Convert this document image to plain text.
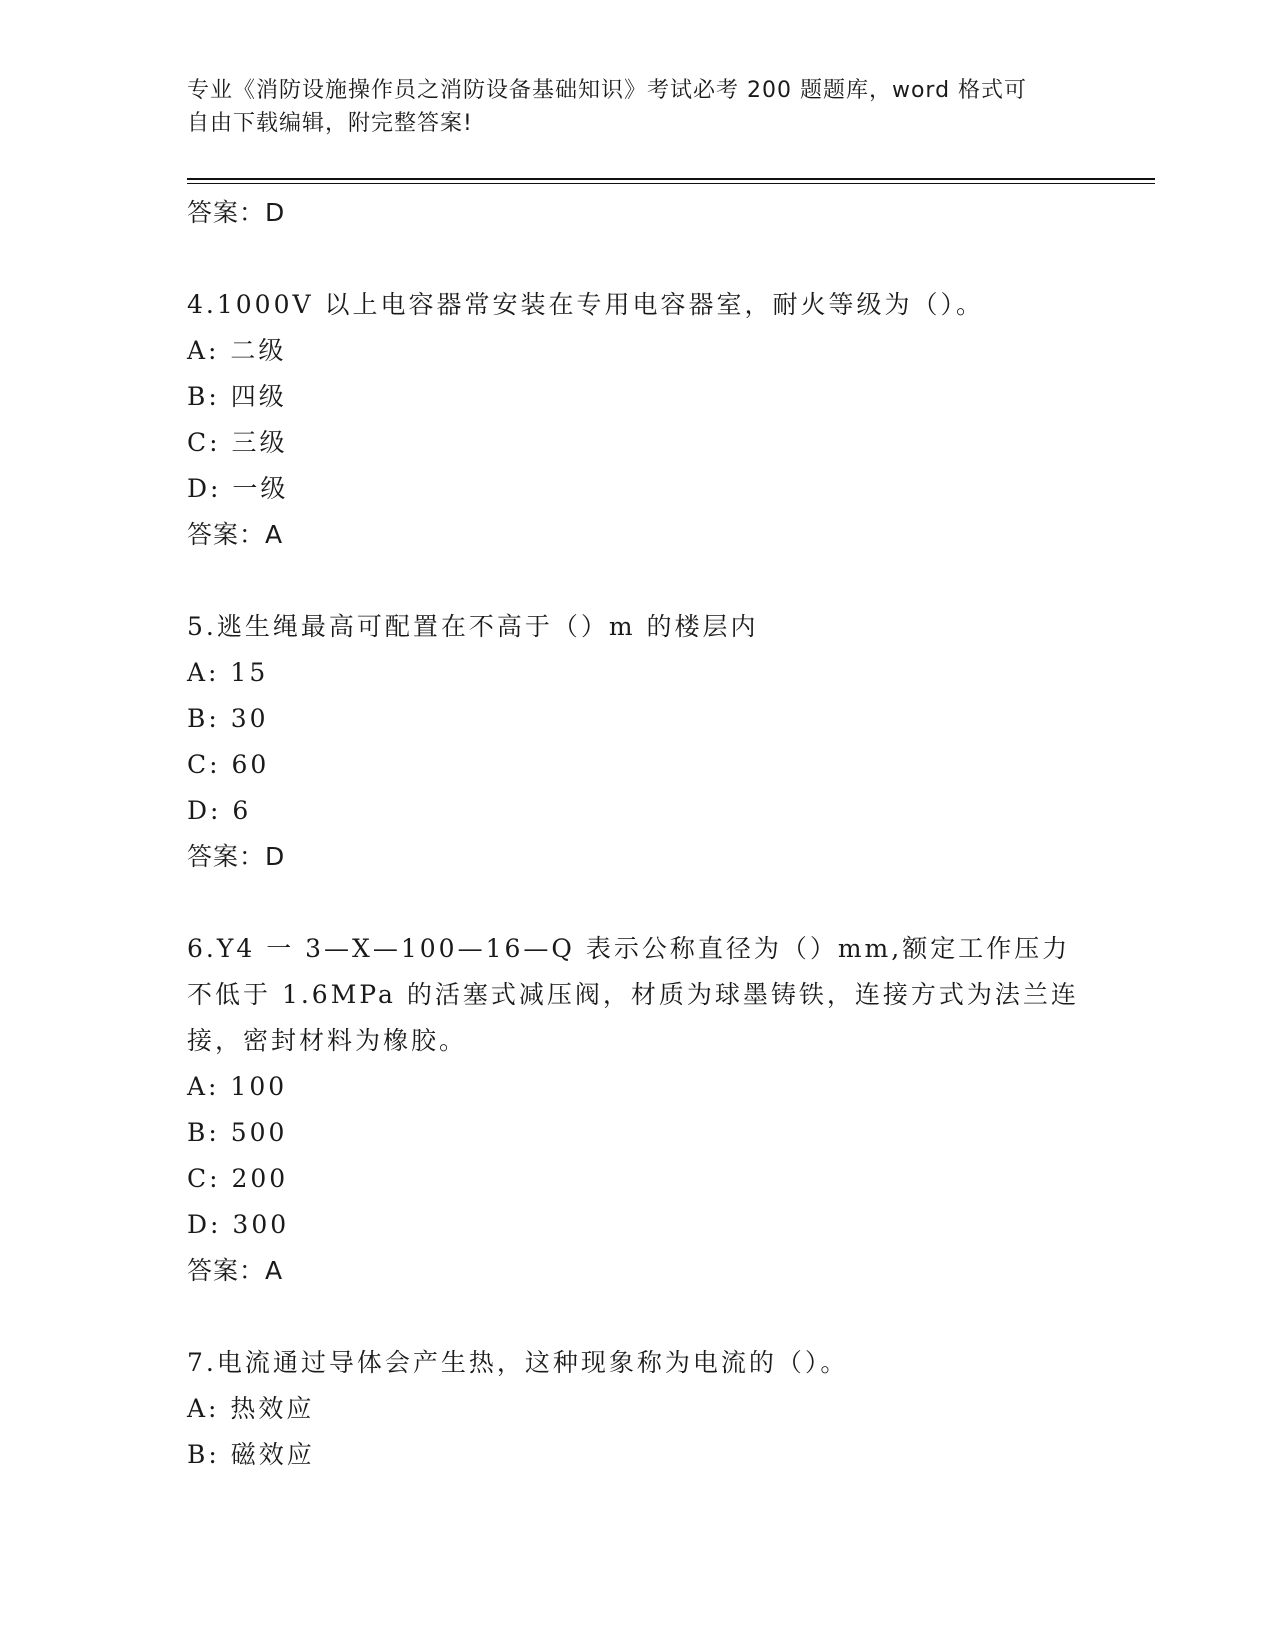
专业《消防设施操作员之消防设备基础知识》考试必考 200 题题库，word 格式可
自由下载编辑，附完整答案!
答案：D
4.1000V 以上电容器常安装在专用电容器室，耐火等级为（）。
A: 二级
B: 四级
C: 三级
D: 一级
答案：A
5.逃生绳最高可配置在不高于（）m 的楼层内
A: 15
B: 30
C: 60
D: 6
答案：D
6.Y4 一 3—X—100—16—Q 表示公称直径为（）mm,额定工作压力不低于 1.6MPa 的活塞式减压阀，材质为球墨铸铁，连接方式为法兰连接，密封材料为橡胶。
A: 100
B: 500
C: 200
D: 300
答案：A
7.电流通过导体会产生热，这种现象称为电流的（）。
A: 热效应
B: 磁效应
